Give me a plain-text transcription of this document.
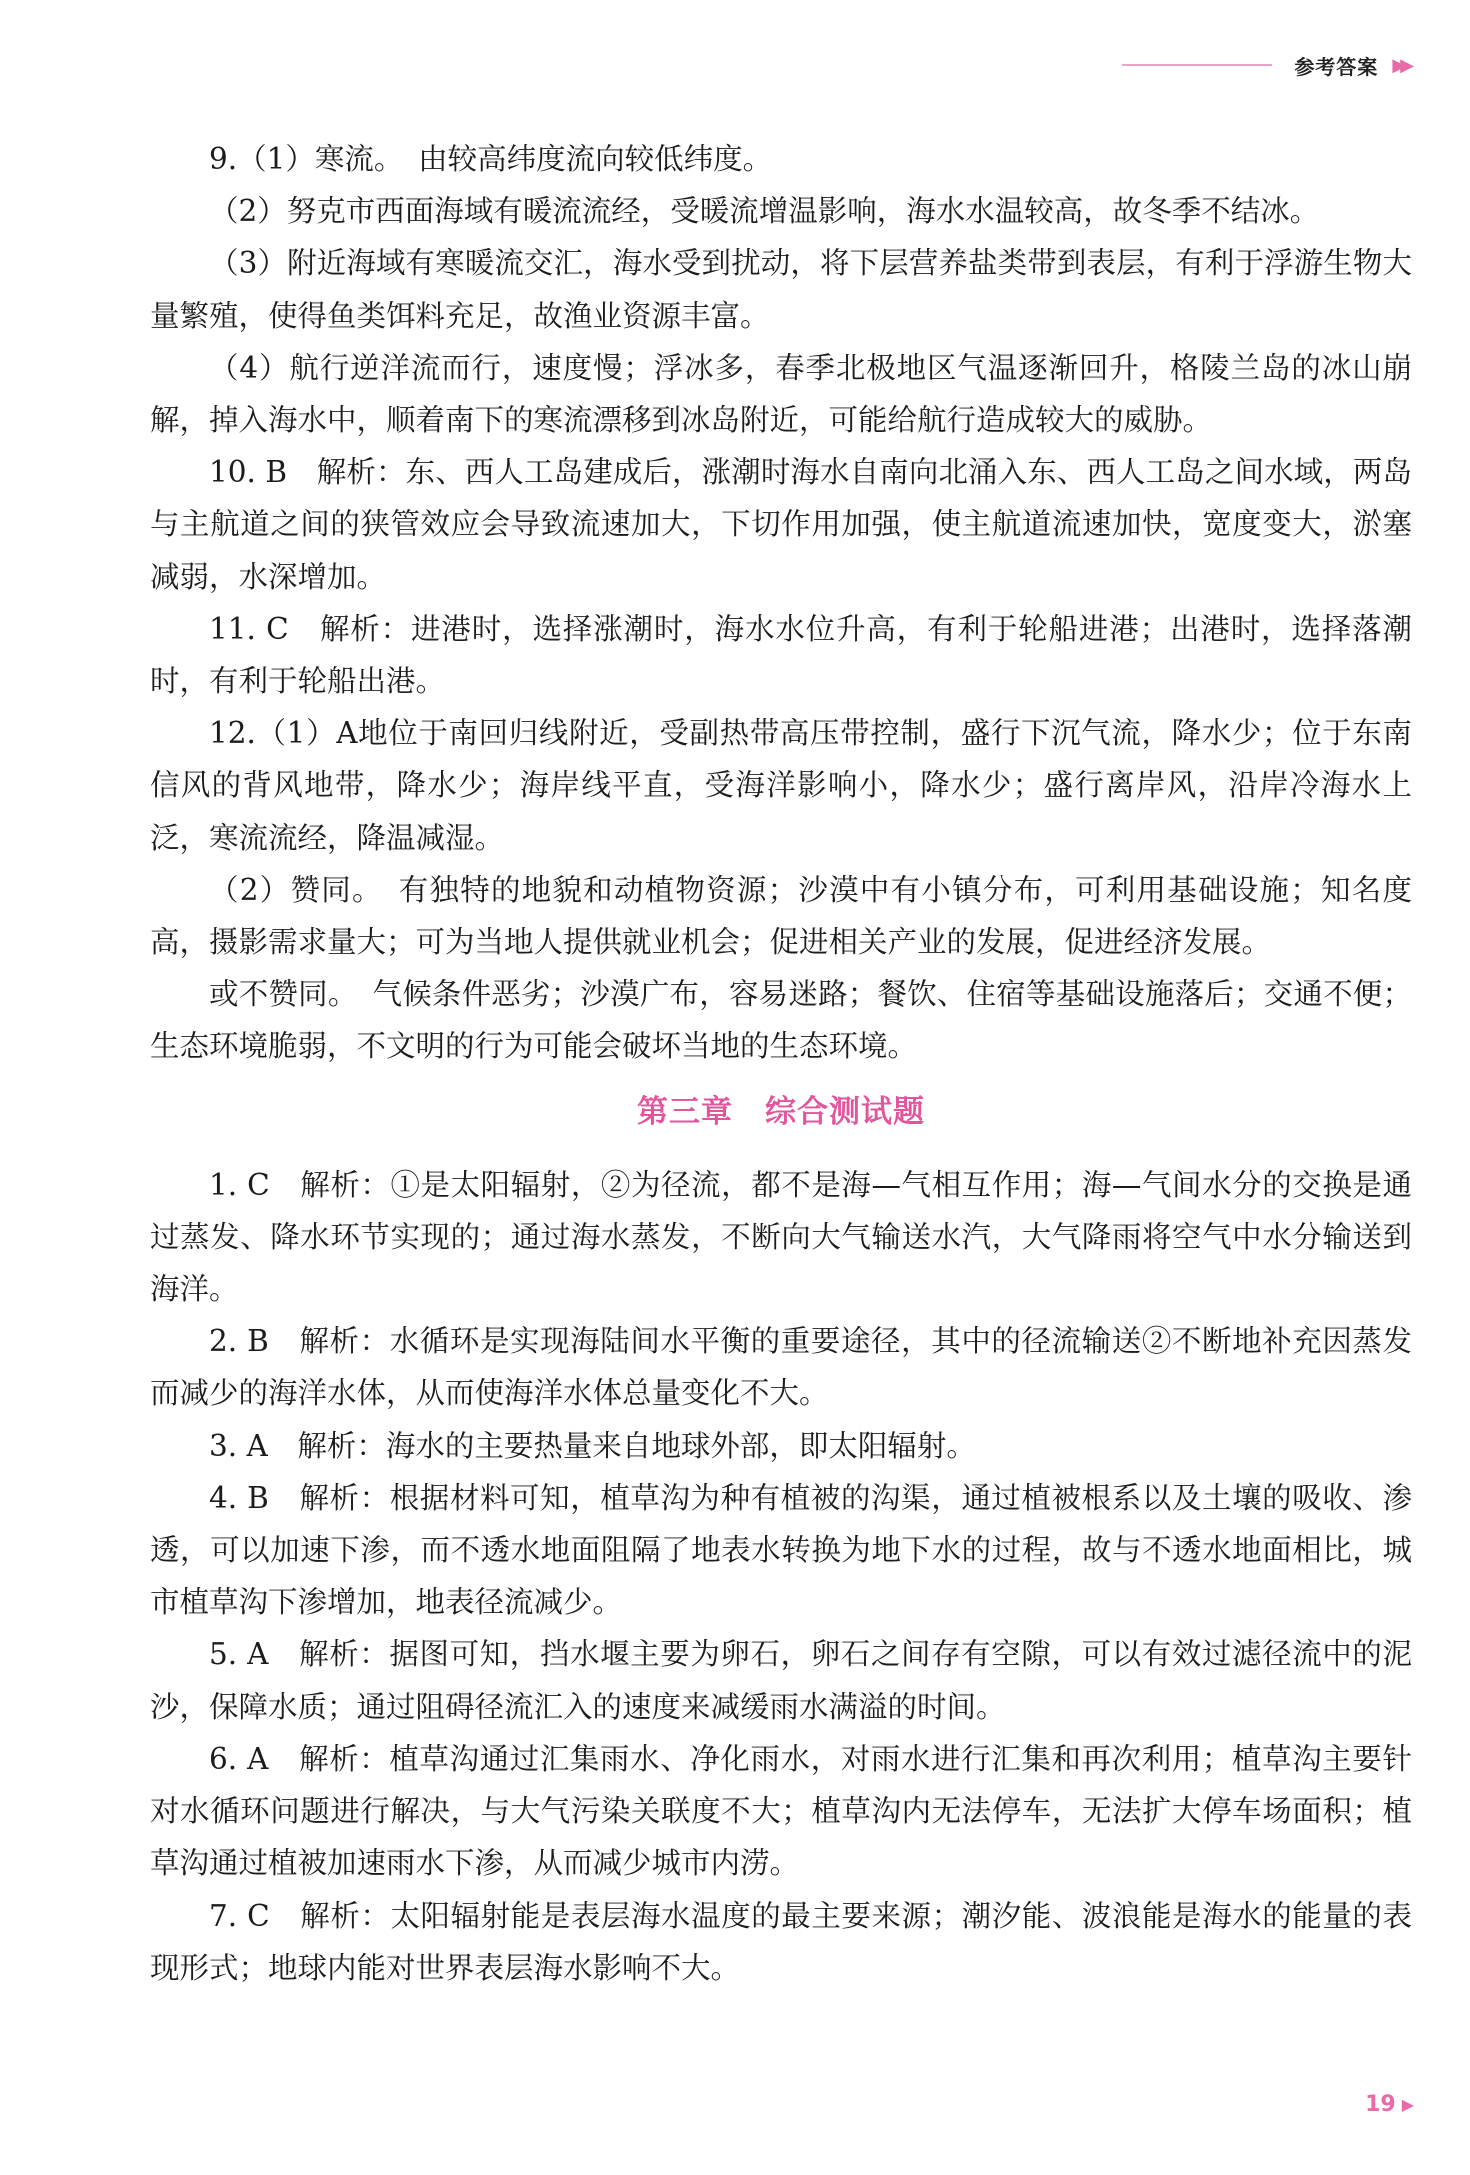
参考答案 ▶▶

9.（1）寒流。　由较高纬度流向较低纬度。

（2）努克市西面海域有暖流流经，受暖流增温影响，海水水温较高，故冬季不结冰。

（3）附近海域有寒暖流交汇，海水受到扰动，将下层营养盐类带到表层，有利于浮游生物大量繁殖，使得鱼类饵料充足，故渔业资源丰富。

（4）航行逆洋流而行，速度慢；浮冰多，春季北极地区气温逐渐回升，格陵兰岛的冰山崩解，掉入海水中，顺着南下的寒流漂移到冰岛附近，可能给航行造成较大的威胁。

10. B　解析：东、西人工岛建成后，涨潮时海水自南向北涌入东、西人工岛之间水域，两岛与主航道之间的狭管效应会导致流速加大，下切作用加强，使主航道流速加快，宽度变大，淤塞减弱，水深增加。

11. C　解析：进港时，选择涨潮时，海水水位升高，有利于轮船进港；出港时，选择落潮时，有利于轮船出港。

12.（1）A地位于南回归线附近，受副热带高压带控制，盛行下沉气流，降水少；位于东南信风的背风地带，降水少；海岸线平直，受海洋影响小，降水少；盛行离岸风，沿岸冷海水上泛，寒流流经，降温减湿。

（2）赞同。　有独特的地貌和动植物资源；沙漠中有小镇分布，可利用基础设施；知名度高，摄影需求量大；可为当地人提供就业机会；促进相关产业的发展，促进经济发展。

或不赞同。　气候条件恶劣；沙漠广布，容易迷路；餐饮、住宿等基础设施落后；交通不便；生态环境脆弱，不文明的行为可能会破坏当地的生态环境。

第三章　综合测试题

1. C　解析：①是太阳辐射，②为径流，都不是海—气相互作用；海—气间水分的交换是通过蒸发、降水环节实现的；通过海水蒸发，不断向大气输送水汽，大气降雨将空气中水分输送到海洋。

2. B　解析：水循环是实现海陆间水平衡的重要途径，其中的径流输送②不断地补充因蒸发而减少的海洋水体，从而使海洋水体总量变化不大。

3. A　解析：海水的主要热量来自地球外部，即太阳辐射。

4. B　解析：根据材料可知，植草沟为种有植被的沟渠，通过植被根系以及土壤的吸收、渗透，可以加速下渗，而不透水地面阻隔了地表水转换为地下水的过程，故与不透水地面相比，城市植草沟下渗增加，地表径流减少。

5. A　解析：据图可知，挡水堰主要为卵石，卵石之间存有空隙，可以有效过滤径流中的泥沙，保障水质；通过阻碍径流汇入的速度来减缓雨水满溢的时间。

6. A　解析：植草沟通过汇集雨水、净化雨水，对雨水进行汇集和再次利用；植草沟主要针对水循环问题进行解决，与大气污染关联度不大；植草沟内无法停车，无法扩大停车场面积；植草沟通过植被加速雨水下渗，从而减少城市内涝。

7. C　解析：太阳辐射能是表层海水温度的最主要来源；潮汐能、波浪能是海水的能量的表现形式；地球内能对世界表层海水影响不大。

19 ▶
